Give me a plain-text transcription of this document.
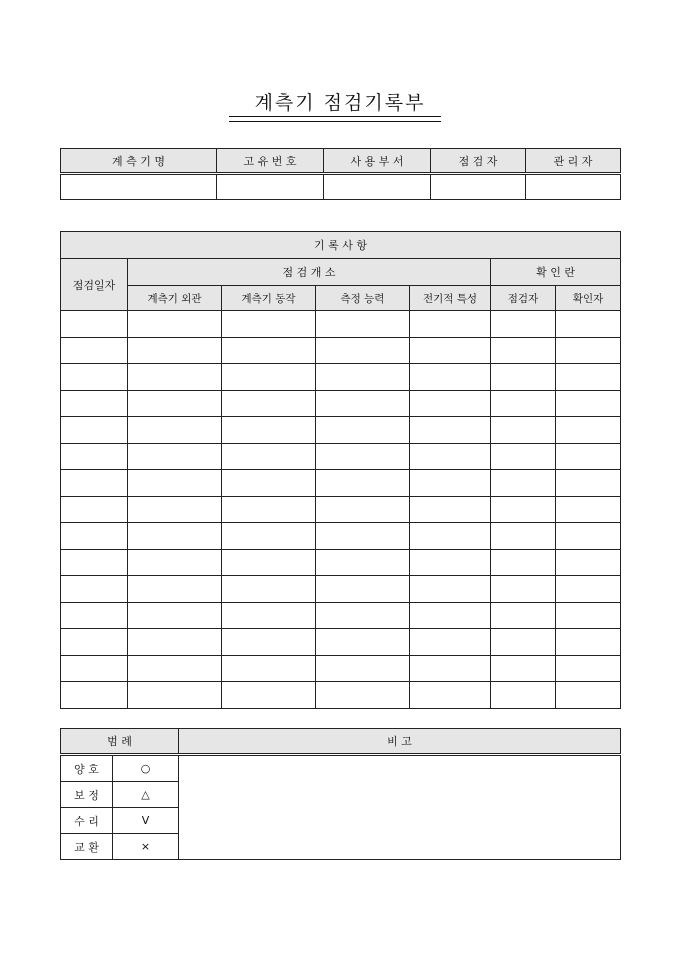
계측기 점검기록부
계 측 기 명	고 유 번 호	사 용 부 서	점 검 자	관 리 자

기 록 사 항						
점검일자	점 검 개 소				확 인 란	
	계측기 외관	계측기 동작	측정 능력	전기적 특성	점검자	확인자

범 례		비 고
양 호	○	
보 정	△	
수 리	V	
교 환	×	
